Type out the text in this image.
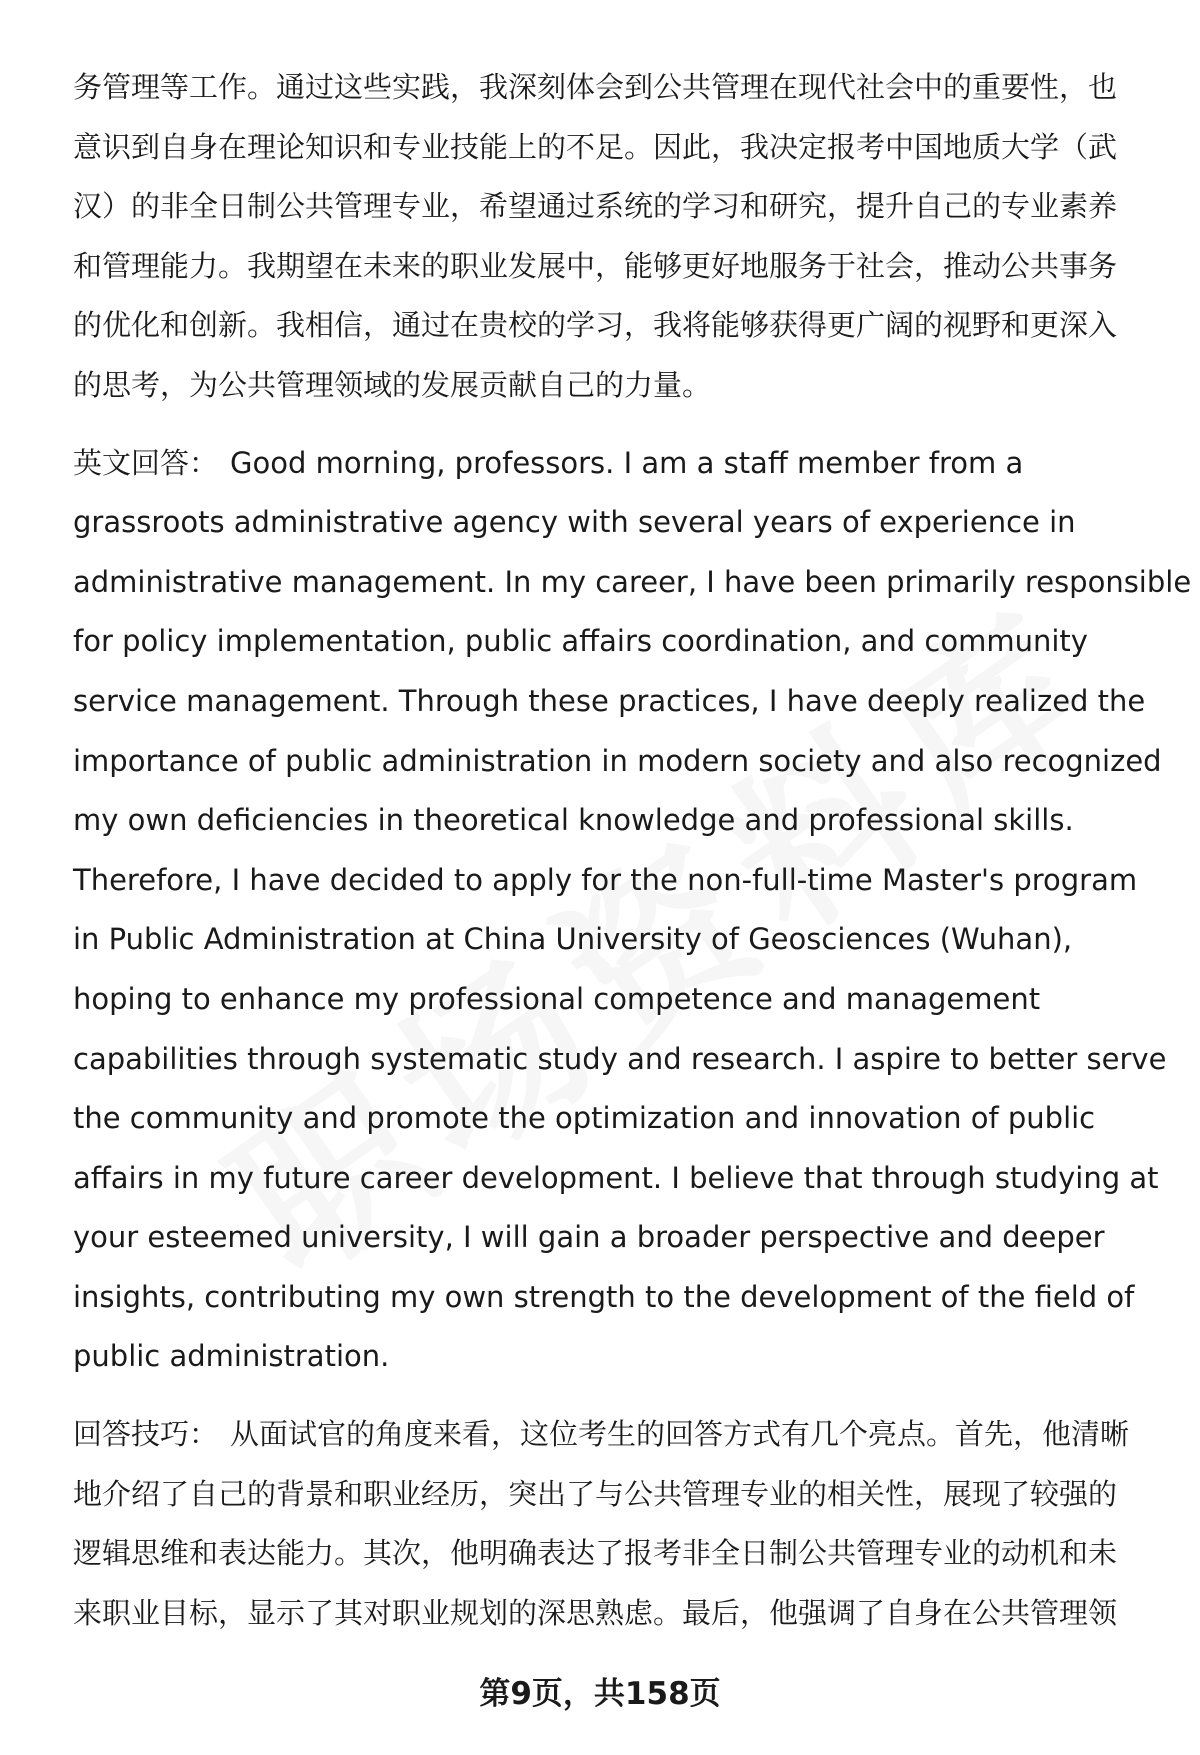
务管理等工作。通过这些实践，我深刻体会到公共管理在现代社会中的重要性，也
意识到自身在理论知识和专业技能上的不足。因此，我决定报考中国地质大学（武
汉）的非全日制公共管理专业，希望通过系统的学习和研究，提升自己的专业素养
和管理能力。我期望在未来的职业发展中，能够更好地服务于社会，推动公共事务
的优化和创新。我相信，通过在贵校的学习，我将能够获得更广阔的视野和更深入
的思考，为公共管理领域的发展贡献自己的力量。

英文回答： Good morning, professors. I am a staff member from a
grassroots administrative agency with several years of experience in
administrative management. In my career, I have been primarily responsible
for policy implementation, public affairs coordination, and community
service management. Through these practices, I have deeply realized the
importance of public administration in modern society and also recognized
my own deficiencies in theoretical knowledge and professional skills.
Therefore, I have decided to apply for the non-full-time Master's program
in Public Administration at China University of Geosciences (Wuhan),
hoping to enhance my professional competence and management
capabilities through systematic study and research. I aspire to better serve
the community and promote the optimization and innovation of public
affairs in my future career development. I believe that through studying at
your esteemed university, I will gain a broader perspective and deeper
insights, contributing my own strength to the development of the field of
public administration.

回答技巧： 从面试官的角度来看，这位考生的回答方式有几个亮点。首先，他清晰
地介绍了自己的背景和职业经历，突出了与公共管理专业的相关性，展现了较强的
逻辑思维和表达能力。其次，他明确表达了报考非全日制公共管理专业的动机和未
来职业目标，显示了其对职业规划的深思熟虑。最后，他强调了自身在公共管理领

第9页，共158页
